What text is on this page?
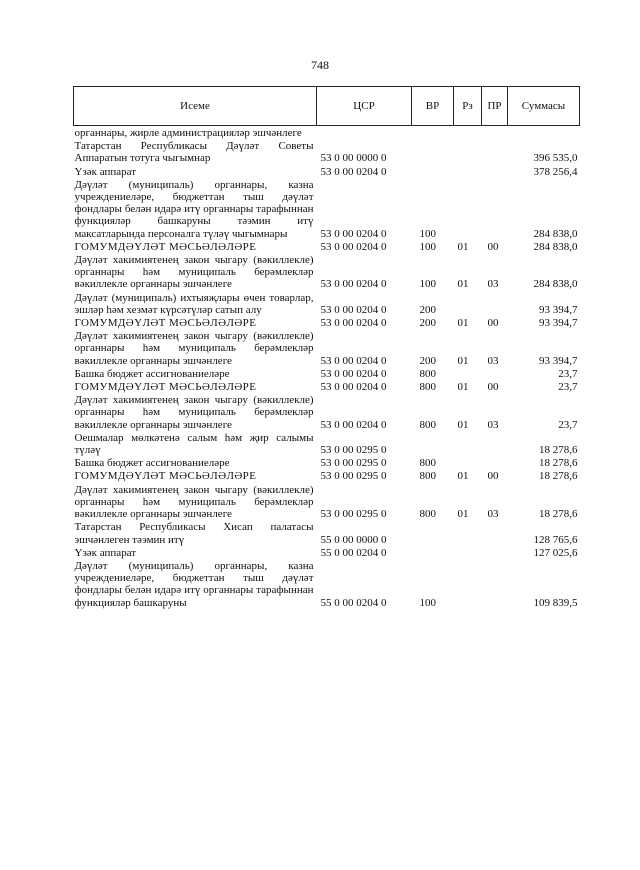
748
Исеме	ЦСР	ВР	Рз	ПР	Суммасы
органнары, жирле администрацияләр эшчәнлеге					
Татарстан Республикасы Дәүләт Советы Аппаратын тотуга чыгымнар	53 0 00 0000 0				396 535,0
Үзәк аппарат	53 0 00 0204 0				378 256,4
Дәүләт (муниципаль) органнары, казна учреждениеләре, бюджеттан тыш дәүләт фондлары белән идарә итү органнары тарафыннан функцияләр башкаруны тәэмин итү максатларында персоналга түләү чыгымнары	53 0 00 0204 0	100			284 838,0
ГОМУМДӘҮЛӘТ МӘСЬӘЛӘЛӘРЕ	53 0 00 0204 0	100	01	00	284 838,0
Дәүләт хакимиятенең закон чыгару (вәкиллекле) органнары һәм муниципаль берәмлекләр вәкиллекле органнары эшчәнлеге	53 0 00 0204 0	100	01	03	284 838,0
Дәүләт (муниципаль) ихтыяҗлары өчен товарлар, эшләр һәм хезмәт күрсәтүләр сатып алу	53 0 00 0204 0	200			93 394,7
ГОМУМДӘҮЛӘТ МӘСЬӘЛӘЛӘРЕ	53 0 00 0204 0	200	01	00	93 394,7
Дәүләт хакимиятенең закон чыгару (вәкиллекле) органнары һәм муниципаль берәмлекләр вәкиллекле органнары эшчәнлеге	53 0 00 0204 0	200	01	03	93 394,7
Башка бюджет ассигнованиеләре	53 0 00 0204 0	800			23,7
ГОМУМДӘҮЛӘТ МӘСЬӘЛӘЛӘРЕ	53 0 00 0204 0	800	01	00	23,7
Дәүләт хакимиятенең закон чыгару (вәкиллекле) органнары һәм муниципаль берәмлекләр вәкиллекле органнары эшчәнлеге	53 0 00 0204 0	800	01	03	23,7
Оешмалар мөлкәтенә салым һәм җир салымы түләү	53 0 00 0295 0				18 278,6
Башка бюджет ассигнованиеләре	53 0 00 0295 0	800			18 278,6
ГОМУМДӘҮЛӘТ МӘСЬӘЛӘЛӘРЕ	53 0 00 0295 0	800	01	00	18 278,6
Дәүләт хакимиятенең закон чыгару (вәкиллекле) органнары һәм муниципаль берәмлекләр вәкиллекле органнары эшчәнлеге	53 0 00 0295 0	800	01	03	18 278,6
Татарстан Республикасы Хисап палатасы эшчәнлеген тәэмин итү	55 0 00 0000 0				128 765,6
Үзәк аппарат	55 0 00 0204 0				127 025,6
Дәүләт (муниципаль) органнары, казна учреждениеләре, бюджеттан тыш дәүләт фондлары белән идарә итү органнары тарафыннан функцияләр башкаруны	55 0 00 0204 0	100			109 839,5
